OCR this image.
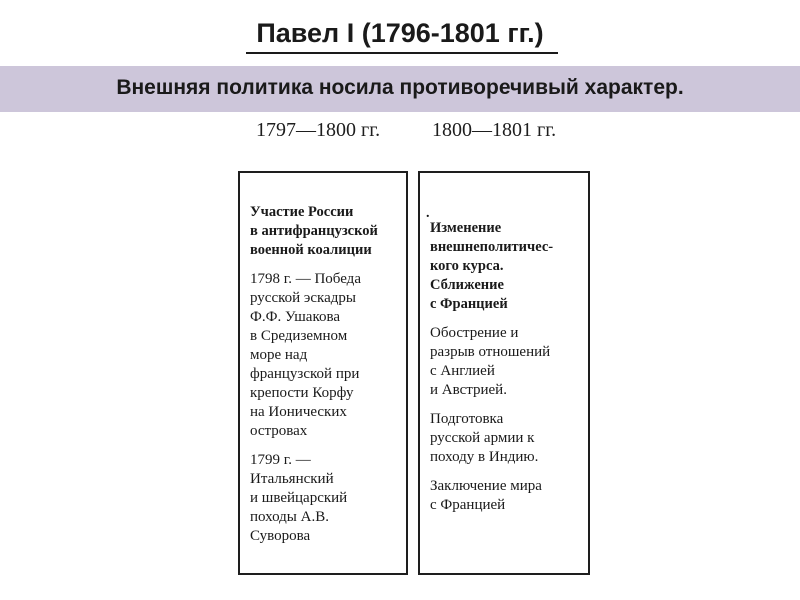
Павел I (1796-1801 гг.)
Внешняя политика носила противоречивый характер.
1797—1800 гг.	1800—1801 гг.
Участие России
в антифранцузской
военной коалиции
1798 г. — Победа
русской эскадры
Ф.Ф. Ушакова
в Средиземном
море над
французской при
крепости Корфу
на Ионических
островах
1799 г. —
Итальянский
и швейцарский
походы А.В.
Суворова
.
Изменение
внешнеполитичес-
кого курса.
Сближение
с Францией
Обострение и
разрыв отношений
с Англией
и Австрией.
Подготовка
русской армии к
походу в Индию.
Заключение мира
с Францией
